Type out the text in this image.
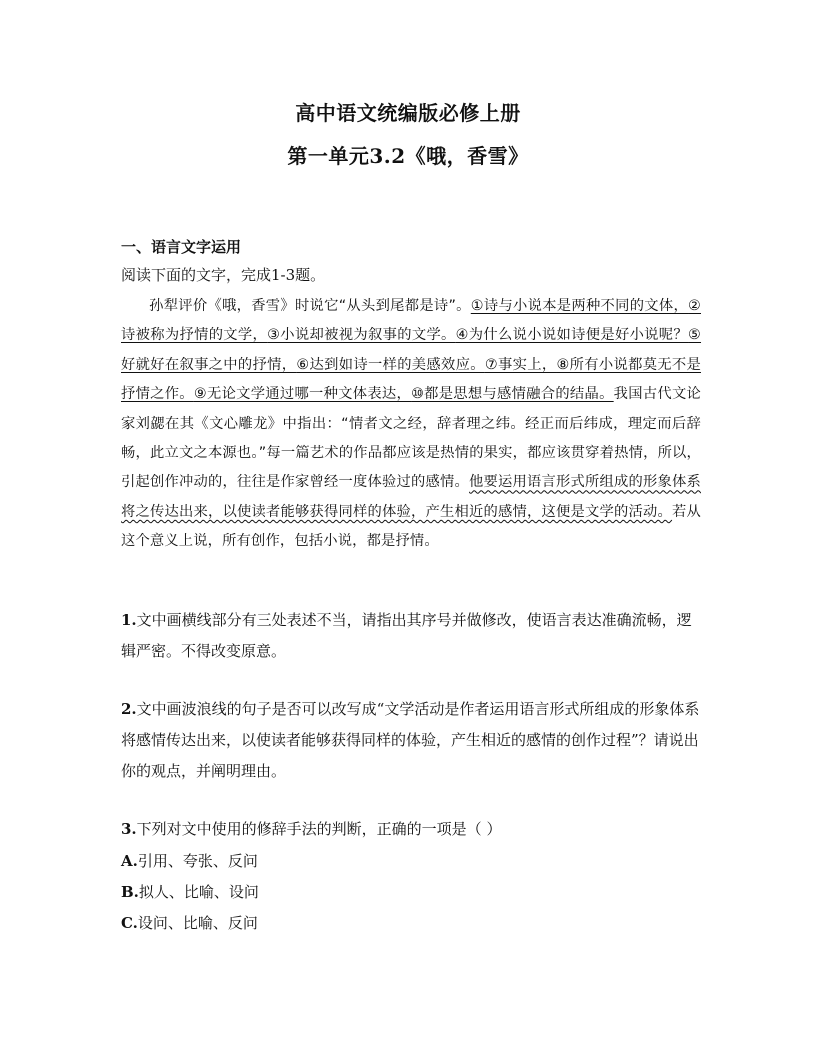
高中语文统编版必修上册
第一单元3.2《哦，香雪》
一、语言文字运用
阅读下面的文字，完成1-3题。
孙犁评价《哦，香雪》时说它“从头到尾都是诗”。①诗与小说本是两种不同的文体，②诗被称为抒情的文学，③小说却被视为叙事的文学。④为什么说小说如诗便是好小说呢？⑤好就好在叙事之中的抒情，⑥达到如诗一样的美感效应。⑦事实上，⑧所有小说都莫无不是抒情之作。⑨无论文学通过哪一种文体表达，⑩都是思想与感情融合的结晶。我国古代文论家刘勰在其《文心雕龙》中指出：“情者文之经，辞者理之纬。经正而后纬成，理定而后辞畅，此立文之本源也。”每一篇艺术的作品都应该是热情的果实，都应该贯穿着热情，所以，引起创作冲动的，往往是作家曾经一度体验过的感情。他要运用语言形式所组成的形象体系将之传达出来，以使读者能够获得同样的体验，产生相近的感情，这便是文学的活动。若从这个意义上说，所有创作，包括小说，都是抒情。
1.文中画横线部分有三处表述不当，请指出其序号并做修改，使语言表达准确流畅，逻辑严密。不得改变原意。
2.文中画波浪线的句子是否可以改写成“文学活动是作者运用语言形式所组成的形象体系将感情传达出来，以使读者能够获得同样的体验，产生相近的感情的创作过程”？请说出你的观点，并阐明理由。
3.下列对文中使用的修辞手法的判断，正确的一项是（ ）
A.引用、夸张、反问
B.拟人、比喻、设问
C.设问、比喻、反问
